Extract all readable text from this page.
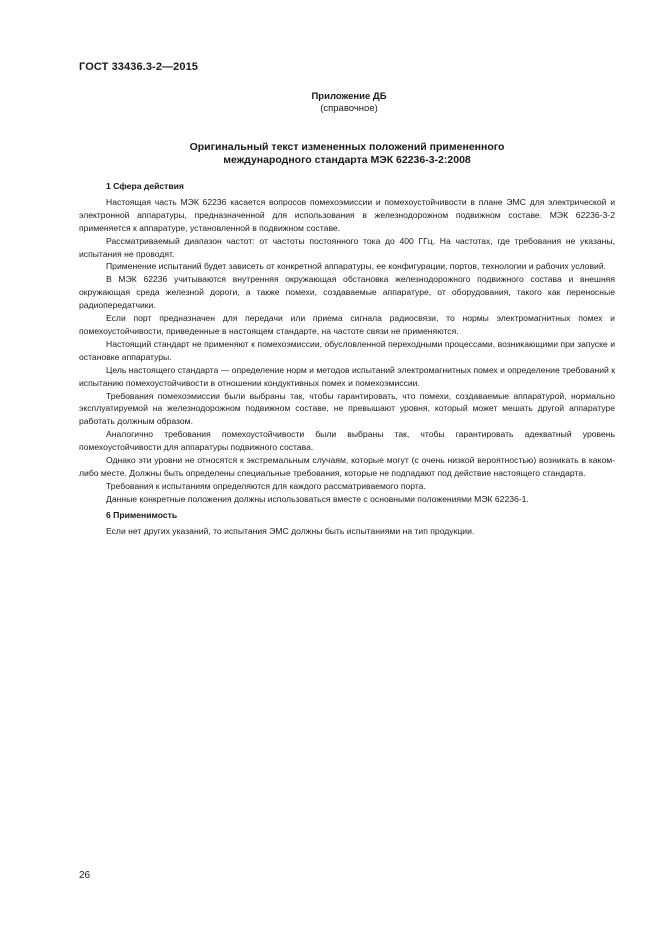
ГОСТ 33436.3-2—2015
Приложение ДБ
(справочное)
Оригинальный текст измененных положений примененного
международного стандарта МЭК 62236-3-2:2008

1 Сфера действия

Настоящая часть МЭК 62236 касается вопросов помехоэмиссии и помехоустойчивости в плане ЭМС для электрической и электронной аппаратуры, предназначенной для использования в железнодорожном подвижном составе. МЭК 62236-3-2 применяется к аппаратуре, установленной в подвижном составе.

Рассматриваемый диапазон частот: от частоты постоянного тока до 400 ГГц. На частотах, где требования не указаны, испытания не проводят.

Применение испытаний будет зависеть от конкретной аппаратуры, ее конфигурации, портов, технологии и рабочих условий.

В МЭК 62236 учитываются внутренняя окружающая обстановка железнодорожного подвижного состава и внешняя окружающая среда железной дороги, а также помехи, создаваемые аппаратуре, от оборудования, такого как переносные радиопередатчики.

Если порт предназначен для передачи или приема сигнала радиосвязи, то нормы электромагнитных помех и помехоустойчивости, приведенные в настоящем стандарте, на частоте связи не применяются.

Настоящий стандарт не применяют к помехоэмиссии, обусловленной переходными процессами, возникающими при запуске и остановке аппаратуры.

Цель настоящего стандарта — определение норм и методов испытаний электромагнитных помех и определение требований к испытанию помехоустойчивости в отношении кондуктивных помех и помехоэмиссии.

Требования помехоэмиссии были выбраны так, чтобы гарантировать, что помехи, создаваемые аппаратурой, нормально эксплуатируемой на железнодорожном подвижном составе, не превышают уровня, который может мешать другой аппаратуре работать должным образом.

Аналогично требования помехоустойчивости были выбраны так, чтобы гарантировать адекватный уровень помехоустойчивости для аппаратуры подвижного состава.

Однако эти уровни не относятся к экстремальным случаям, которые могут (с очень низкой вероятностью) возникать в каком-либо месте. Должны быть определены специальные требования, которые не подпадают под действие настоящего стандарта.

Требования к испытаниям определяются для каждого рассматриваемого порта.

Данные конкретные положения должны использоваться вместе с основными положениями МЭК 62236-1.

6 Применимость

Если нет других указаний, то испытания ЭМС должны быть испытаниями на тип продукции.

26
